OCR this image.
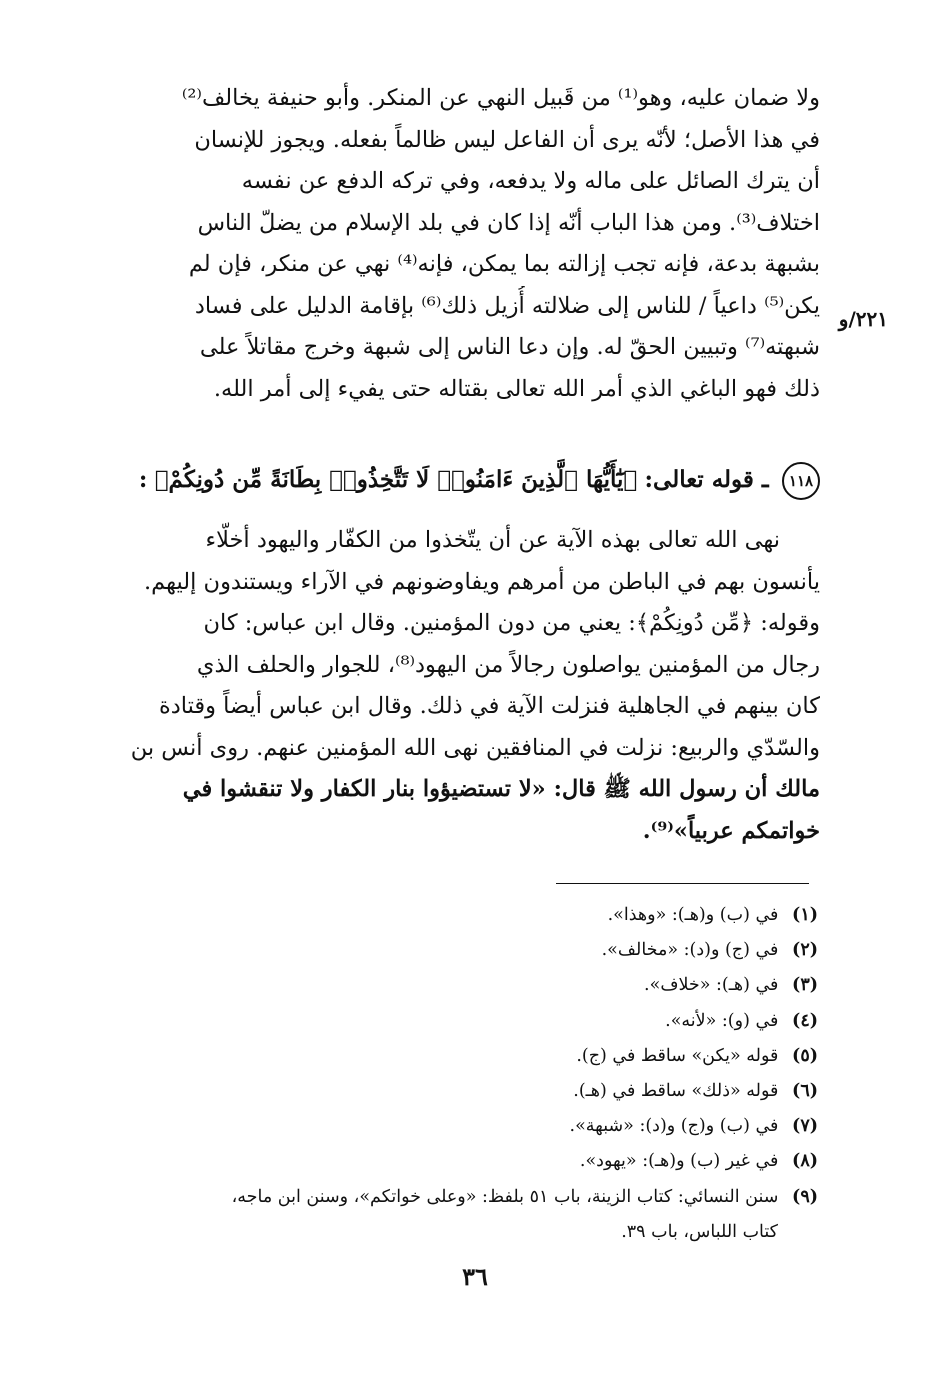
ولا ضمان عليه، وهو⁽¹⁾ من قَبيل النهي عن المنكر. وأبو حنيفة يخالف⁽²⁾
في هذا الأصل؛ لأنّه يرى أن الفاعل ليس ظالماً بفعله. ويجوز للإنسان
أن يترك الصائل على ماله ولا يدفعه، وفي تركه الدفع عن نفسه
اختلاف⁽³⁾. ومن هذا الباب أنّه إذا كان في بلد الإسلام من يضلّ الناس
بشبهة بدعة، فإنه تجب إزالته بما يمكن، فإنه⁽⁴⁾ نهي عن منكر، فإن لم
يكن⁽⁵⁾ داعياً / للناس إلى ضلالته أُزيل ذلك⁽⁶⁾ بإقامة الدليل على فساد
شبهته⁽⁷⁾ وتبيين الحقّ له. وإن دعا الناس إلى شبهة وخرج مقاتلاً على
ذلك فهو الباغي الذي أمر الله تعالى بقتاله حتى يفيء إلى أمر الله.
٢٢١/و
١١٨ ـ قوله تعالى: ﴿يَٰٓأَيُّهَا ٱلَّذِينَ ءَامَنُوا۟ لَا تَتَّخِذُوا۟ بِطَانَةً مِّن دُونِكُمْ﴾ :
نهى الله تعالى بهذه الآية عن أن يتّخذوا من الكفّار واليهود أخلّاء
يأنسون بهم في الباطن من أمرهم ويفاوضونهم في الآراء ويستندون إليهم.
وقوله: ﴿مِّن دُونِكُمْ﴾: يعني من دون المؤمنين. وقال ابن عباس: كان
رجال من المؤمنين يواصلون رجالاً من اليهود⁽⁸⁾، للجوار والحلف الذي
كان بينهم في الجاهلية فنزلت الآية في ذلك. وقال ابن عباس أيضاً وقتادة
والسّدّي والربيع: نزلت في المنافقين نهى الله المؤمنين عنهم. روى أنس بن
مالك أن رسول الله ﷺ قال: «لا تستضيؤوا بنار الكفار ولا تنقشوا في
خواتمكم عربياً»⁽⁹⁾.
(١) في (ب) و(هـ): «وهذا».
(٢) في (ج) و(د): «مخالف».
(٣) في (هـ): «خلاف».
(٤) في (و): «لأنه».
(٥) قوله «يكن» ساقط في (ج).
(٦) قوله «ذلك» ساقط في (هـ).
(٧) في (ب) و(ج) و(د): «شبهة».
(٨) في غير (ب) و(هـ): «يهود».
(٩) سنن النسائي: كتاب الزينة، باب ٥١ بلفظ: «وعلى خواتكم»، وسنن ابن ماجه،
كتاب اللباس، باب ٣٩.
٣٦
